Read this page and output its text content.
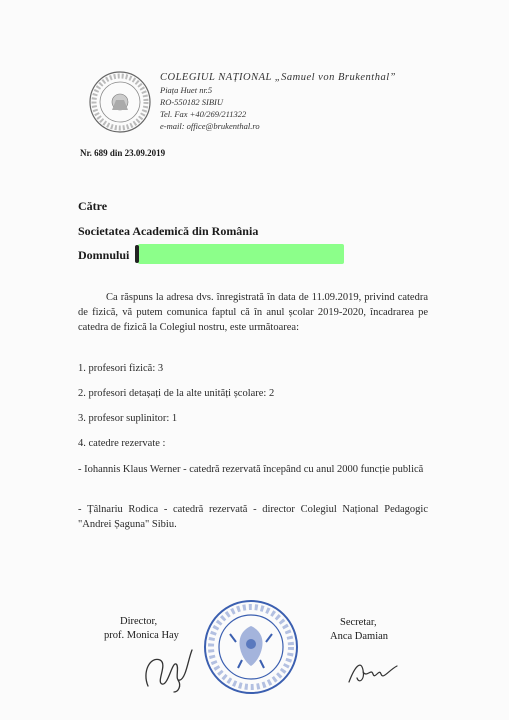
COLEGIUL NAȚIONAL „Samuel von Brukenthal”
Piața Huet nr.5
RO-550182 SIBIU
Tel. Fax +40/269/211322
e-mail: office@brukenthal.ro
Nr. 689 din 23.09.2019
Către
Societatea Academică din România
Domnului
Ca răspuns la adresa dvs. înregistrată în data de 11.09.2019, privind catedra de fizică, vă putem comunica faptul că în anul școlar 2019-2020, încadrarea pe catedra de fizică la Colegiul nostru, este următoarea:
1. profesori fizică: 3
2. profesori detașați de la alte unități școlare: 2
3. profesor suplinitor: 1
4. catedre rezervate :
- Iohannis Klaus Werner - catedră rezervată începând cu anul 2000 funcție publică
- Țâlnariu Rodica - catedră rezervată - director Colegiul Național Pedagogic "Andrei Șaguna" Sibiu.
Director,
prof. Monica Hay
Secretar,
Anca Damian
